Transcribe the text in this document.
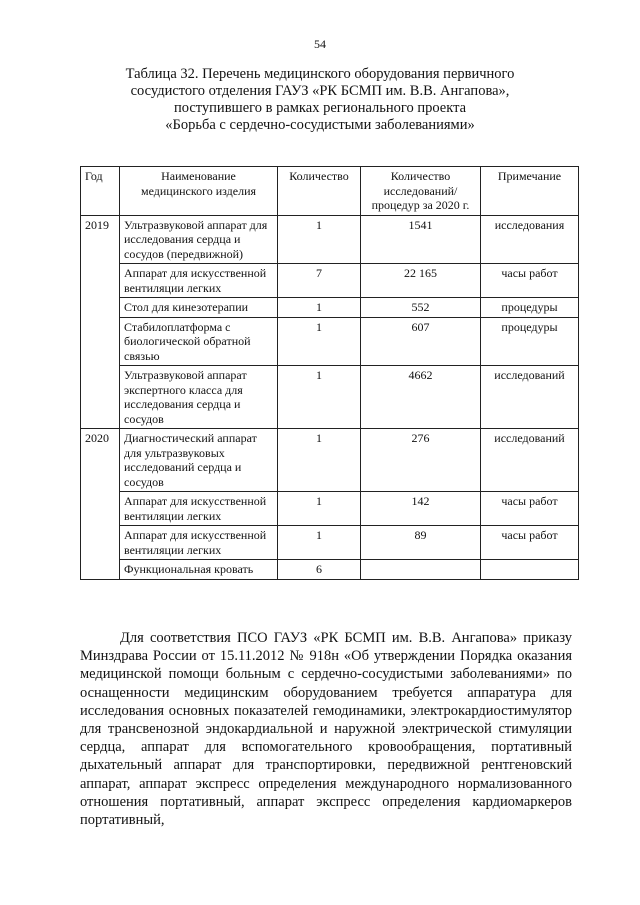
54
Таблица 32. Перечень медицинского оборудования первичного
сосудистого отделения ГАУЗ «РК БСМП им. В.В. Ангапова»,
поступившего в рамках регионального проекта
«Борьба с сердечно-сосудистыми заболеваниями»
Год	Наименование медицинского изделия	Количество	Количество исследований/ процедур за 2020 г.	Примечание
2019	Ультразвуковой аппарат для исследования сердца и сосудов (передвижной)	1	1541	исследования
	Аппарат для искусственной вентиляции легких	7	22 165	часы работ
	Стол для кинезотерапии	1	552	процедуры
	Стабилоплатформа с биологической обратной связью	1	607	процедуры
	Ультразвуковой аппарат экспертного класса для исследования сердца и сосудов	1	4662	исследований
2020	Диагностический аппарат для ультразвуковых исследований сердца и сосудов	1	276	исследований
	Аппарат для искусственной вентиляции легких	1	142	часы работ
	Аппарат для искусственной вентиляции легких	1	89	часы работ
	Функциональная кровать	6		

Для соответствия ПСО ГАУЗ «РК БСМП им. В.В. Ангапова» приказу Минздрава России от 15.11.2012 № 918н «Об утверждении Порядка оказания медицинской помощи больным с сердечно-сосудистыми заболеваниями» по оснащенности медицинским оборудованием требуется аппаратура для исследования основных показателей гемодинамики, электрокардиостимулятор для трансвенозной эндокардиальной и наружной электрической стимуляции сердца, аппарат для вспомогательного кровообращения, портативный дыхательный аппарат для транспортировки, передвижной рентгеновский аппарат, аппарат экспресс определения международного нормализованного отношения портативный, аппарат экспресс определения кардиомаркеров портативный,
